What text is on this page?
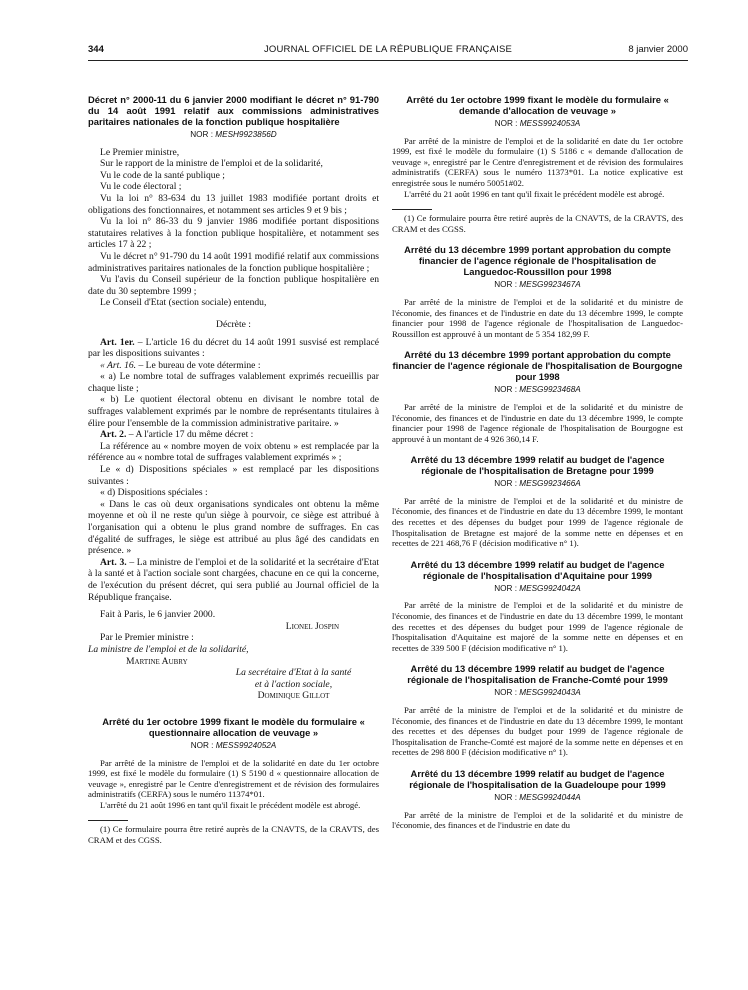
344	JOURNAL OFFICIEL DE LA RÉPUBLIQUE FRANÇAISE	8 janvier 2000

Décret n° 2000-11 du 6 janvier 2000 modifiant le décret n° 91-790 du 14 août 1991 relatif aux commissions administratives paritaires nationales de la fonction publique hospitalière

NOR : MESH9923856D

Le Premier ministre,

Sur le rapport de la ministre de l'emploi et de la solidarité,

Vu le code de la santé publique ;

Vu le code électoral ;

Vu la loi n° 83-634 du 13 juillet 1983 modifiée portant droits et obligations des fonctionnaires, et notamment ses articles 9 et 9 bis ;

Vu la loi n° 86-33 du 9 janvier 1986 modifiée portant dispositions statutaires relatives à la fonction publique hospitalière, et notamment ses articles 17 à 22 ;

Vu le décret n° 91-790 du 14 août 1991 modifié relatif aux commissions administratives paritaires nationales de la fonction publique hospitalière ;

Vu l'avis du Conseil supérieur de la fonction publique hospitalière en date du 30 septembre 1999 ;

Le Conseil d'Etat (section sociale) entendu,

Décrète :

Art. 1er. – L'article 16 du décret du 14 août 1991 susvisé est remplacé par les dispositions suivantes :

« Art. 16. – Le bureau de vote détermine :

« a) Le nombre total de suffrages valablement exprimés recueillis par chaque liste ;

« b) Le quotient électoral obtenu en divisant le nombre total de suffrages valablement exprimés par le nombre de représentants titulaires à élire pour l'ensemble de la commission administrative paritaire. »

Art. 2. – A l'article 17 du même décret :

La référence au « nombre moyen de voix obtenu » est remplacée par la référence au « nombre total de suffrages valablement exprimés » ;

Le « d) Dispositions spéciales » est remplacé par les dispositions suivantes :

« d) Dispositions spéciales :

« Dans le cas où deux organisations syndicales ont obtenu la même moyenne et où il ne reste qu'un siège à pourvoir, ce siège est attribué à l'organisation qui a obtenu le plus grand nombre de suffrages. En cas d'égalité de suffrages, le siège est attribué au plus âgé des candidats en présence. »

Art. 3. – La ministre de l'emploi et de la solidarité et la secrétaire d'Etat à la santé et à l'action sociale sont chargées, chacune en ce qui la concerne, de l'exécution du présent décret, qui sera publié au Journal officiel de la République française.

Fait à Paris, le 6 janvier 2000.

Lionel Jospin

Par le Premier ministre :

La ministre de l'emploi et de la solidarité,

Martine Aubry

La secrétaire d'Etat à la santé

et à l'action sociale,

Dominique Gillot

Arrêté du 1er octobre 1999 fixant le modèle du formulaire « questionnaire allocation de veuvage »

NOR : MESS9924052A

Par arrêté de la ministre de l'emploi et de la solidarité en date du 1er octobre 1999, est fixé le modèle du formulaire (1) S 5190 d « questionnaire allocation de veuvage », enregistré par le Centre d'enregistrement et de révision des formulaires administratifs (CERFA) sous le numéro 11374*01.

L'arrêté du 21 août 1996 en tant qu'il fixait le précédent modèle est abrogé.

(1) Ce formulaire pourra être retiré auprès de la CNAVTS, de la CRAVTS, des CRAM et des CGSS.

Arrêté du 1er octobre 1999 fixant le modèle du formulaire « demande d'allocation de veuvage »

NOR : MESS9924053A

Par arrêté de la ministre de l'emploi et de la solidarité en date du 1er octobre 1999, est fixé le modèle du formulaire (1) S 5186 c « demande d'allocation de veuvage », enregistré par le Centre d'enregistrement et de révision des formulaires administratifs (CERFA) sous le numéro 11373*01. La notice explicative est enregistrée sous le numéro 50051#02.

L'arrêté du 21 août 1996 en tant qu'il fixait le précédent modèle est abrogé.

(1) Ce formulaire pourra être retiré auprès de la CNAVTS, de la CRAVTS, des CRAM et des CGSS.

Arrêté du 13 décembre 1999 portant approbation du compte financier de l'agence régionale de l'hospitalisation de Languedoc-Roussillon pour 1998

NOR : MESG9923467A

Par arrêté de la ministre de l'emploi et de la solidarité et du ministre de l'économie, des finances et de l'industrie en date du 13 décembre 1999, le compte financier pour 1998 de l'agence régionale de l'hospitalisation de Languedoc-Roussillon est approuvé à un montant de 5 354 182,99 F.

Arrêté du 13 décembre 1999 portant approbation du compte financier de l'agence régionale de l'hospitalisation de Bourgogne pour 1998

NOR : MESG9923468A

Par arrêté de la ministre de l'emploi et de la solidarité et du ministre de l'économie, des finances et de l'industrie en date du 13 décembre 1999, le compte financier pour 1998 de l'agence régionale de l'hospitalisation de Bourgogne est approuvé à un montant de 4 926 360,14 F.

Arrêté du 13 décembre 1999 relatif au budget de l'agence régionale de l'hospitalisation de Bretagne pour 1999

NOR : MESG9923466A

Par arrêté de la ministre de l'emploi et de la solidarité et du ministre de l'économie, des finances et de l'industrie en date du 13 décembre 1999, le montant des recettes et des dépenses du budget pour 1999 de l'agence régionale de l'hospitalisation de Bretagne est majoré de la somme nette en dépenses et en recettes de 221 468,76 F (décision modificative n° 1).

Arrêté du 13 décembre 1999 relatif au budget de l'agence régionale de l'hospitalisation d'Aquitaine pour 1999

NOR : MESG9924042A

Par arrêté de la ministre de l'emploi et de la solidarité et du ministre de l'économie, des finances et de l'industrie en date du 13 décembre 1999, le montant des recettes et des dépenses du budget pour 1999 de l'agence régionale de l'hospitalisation d'Aquitaine est majoré de la somme nette en dépenses et en recettes de 339 500 F (décision modificative n° 1).

Arrêté du 13 décembre 1999 relatif au budget de l'agence régionale de l'hospitalisation de Franche-Comté pour 1999

NOR : MESG9924043A

Par arrêté de la ministre de l'emploi et de la solidarité et du ministre de l'économie, des finances et de l'industrie en date du 13 décembre 1999, le montant des recettes et des dépenses du budget pour 1999 de l'agence régionale de l'hospitalisation de Franche-Comté est majoré de la somme nette en dépenses et en recettes de 298 800 F (décision modificative n° 1).

Arrêté du 13 décembre 1999 relatif au budget de l'agence régionale de l'hospitalisation de la Guadeloupe pour 1999

NOR : MESG9924044A

Par arrêté de la ministre de l'emploi et de la solidarité et du ministre de l'économie, des finances et de l'industrie en date du
